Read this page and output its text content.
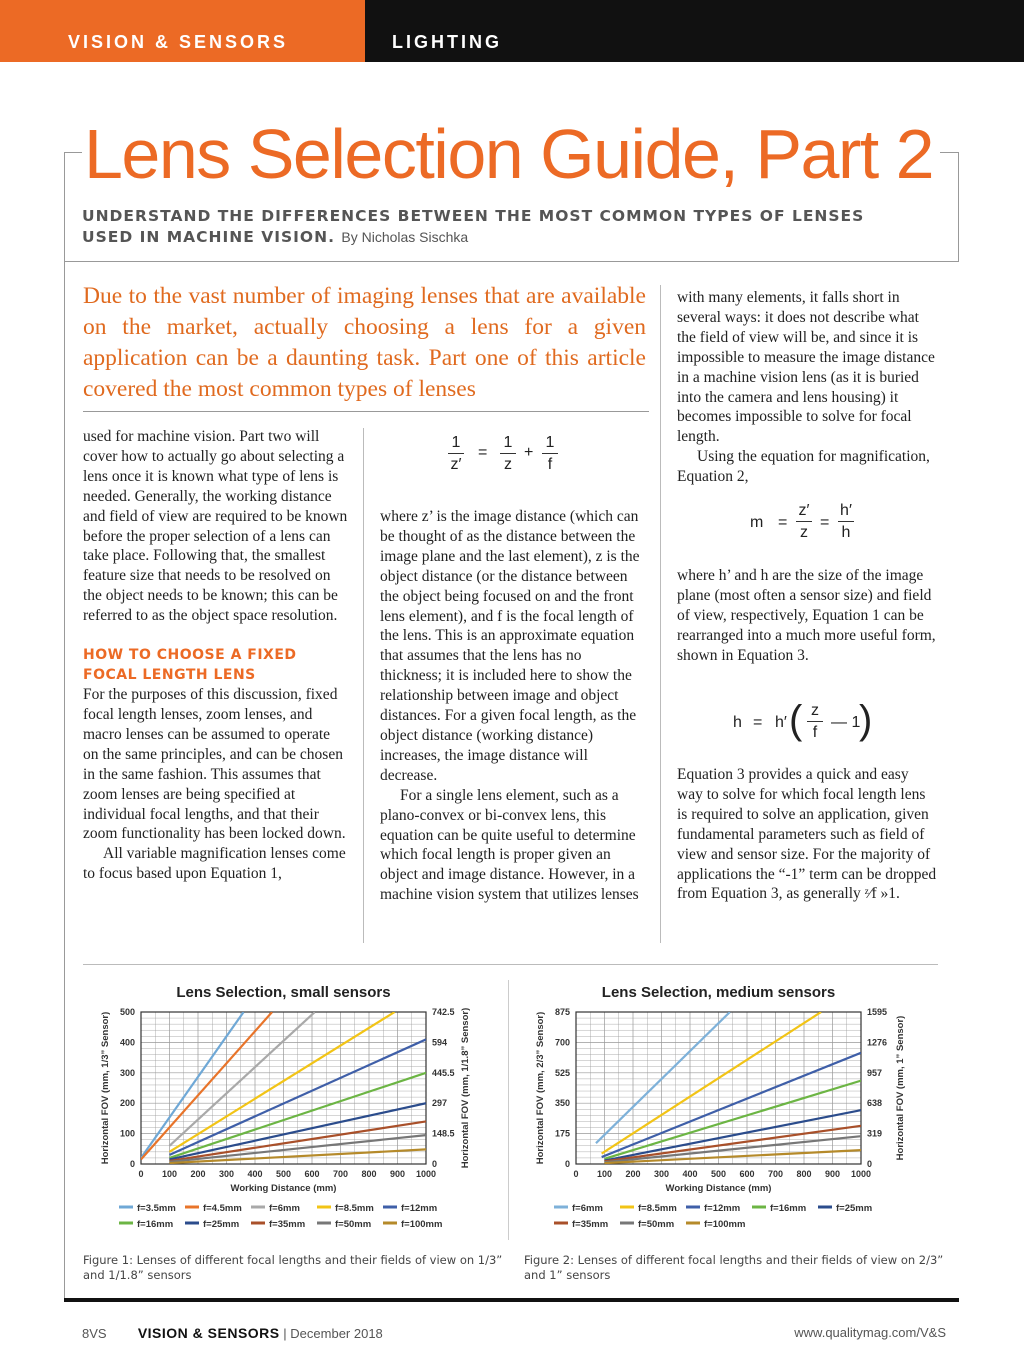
VISION & SENSORS	LIGHTING
Lens Selection Guide, Part 2
UNDERSTAND THE DIFFERENCES BETWEEN THE MOST COMMON TYPES OF LENSES USED IN MACHINE VISION. By Nicholas Sischka
Due to the vast number of imaging lenses that are available on the market, actually choosing a lens for a given application can be a daunting task. Part one of this article covered the most common types of lenses

used for machine vision. Part two will cover how to actually go about selecting a lens once it is known what type of lens is needed. Generally, the working distance and field of view are required to be known before the proper selection of a lens can take place. Following that, the smallest feature size that needs to be resolved on the object needs to be known; this can be referred to as the object space resolution.

HOW TO CHOOSE A FIXED FOCAL LENGTH LENS

For the purposes of this discussion, fixed focal length lenses, zoom lenses, and macro lenses can be assumed to operate on the same principles, and can be chosen in the same fashion. This assumes that zoom lenses are being specified at individual focal lengths, and that their zoom functionality has been locked down.

All variable magnification lenses come to focus based upon Equation 1,

1
z′
=
1
z
+
1
f

where z’ is the image distance (which can be thought of as the distance between the image plane and the last element), z is the object distance (or the distance between the object being focused on and the front lens element), and f is the focal length of the lens. This is an approximate equation that assumes that the lens has no thickness; it is included here to show the relationship between image and object distances. For a given focal length, as the object distance (working distance) increases, the image distance will decrease.

For a single lens element, such as a plano-convex or bi-convex lens, this equation can be quite useful to determine which focal length is proper given an object and image distance. However, in a machine vision system that utilizes lenses

with many elements, it falls short in several ways: it does not describe what the field of view will be, and since it is impossible to measure the image distance in a machine vision lens (as it is buried into the camera and lens housing) it becomes impossible to solve for focal length.

Using the equation for magnification, Equation 2,

m =
z′
z
=
h′
h

where h’ and h are the size of the image plane (most often a sensor size) and field of view, respectively, Equation 1 can be rearranged into a much more useful form, shown in Equation 3.

h = h′ ( z
f
— 1
)

Equation 3 provides a quick and easy way to solve for which focal length lens is required to solve an application, given fundamental parameters such as field of view and sensor size. For the majority of applications the “-1” term can be dropped from Equation 3, as generally ᶻ⁄f »1.

Lens Selection, small sensors
0 100 200 300 400 500 600 700 800 900 1000
0
100
200
300
400
500
0
148.5
297
445.5
594
742.5
Working Distance (mm)
Horizontal FOV (mm, 1/3” Sensor)	Horizontal FOV (mm, 1/1.8” Sensor)
f=3.5mm	f=4.5mm	f=6mm	f=8.5mm	f=12mm
f=16mm	f=25mm	f=35mm	f=50mm	f=100mm
Lens Selection, medium sensors
0 100 200 300 400 500 600 700 800 900 1000
0
175
350
525
700
875
0
319
638
957
1276
1595
Working Distance (mm)
Horizontal FOV (mm, 2/3” Sensor)	Horizontal FOV (mm, 1” Sensor)
f=6mm	f=8.5mm	f=12mm	f=16mm	f=25mm
f=35mm	f=50mm	f=100mm
Figure 1: Lenses of different focal lengths and their fields of view on 1/3” and 1/1.8” sensors
Figure 2: Lenses of different focal lengths and their fields of view on 2/3” and 1” sensors
8VS VISION & SENSORS | December 2018	www.qualitymag.com/V&S
